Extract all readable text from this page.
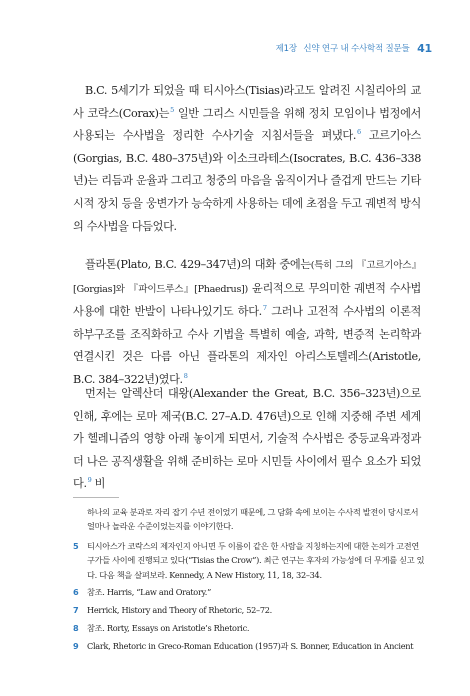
제1장 신약 연구 내 수사학적 질문들 41

B.C. 5세기가 되었을 때 티시아스(Tisias)라고도 알려진 시칠리아의 교사 코락스(Corax)는$^5$ 일반 그리스 시민들을 위해 정치 모임이나 법정에서 사용되는 수사법을 정리한 수사기술 지침서들을 펴냈다.$^6$ 고르기아스(Gorgias, B.C. 480–375년)와 이소크라테스(Isocrates, B.C. 436–338년)는 리듬과 운율과 그리고 청중의 마음을 움직이거나 즐겁게 만드는 기타 시적 장치 등을 웅변가가 능숙하게 사용하는 데에 초점을 두고 궤변적 방식의 수사법을 다듬었다.

플라톤(Plato, B.C. 429–347년)의 대화 중에는(특히 그의 『고르기아스』[Gorgias]와 『파이드루스』[Phaedrus]) 윤리적으로 무의미한 궤변적 수사법 사용에 대한 반발이 나타나있기도 하다.$^7$ 그러나 고전적 수사법의 이론적 하부구조를 조직화하고 수사 기법을 특별히 예술, 과학, 변증적 논리학과 연결시킨 것은 다름 아닌 플라톤의 제자인 아리스토텔레스(Aristotle, B.C. 384–322년)였다.$^8$

먼저는 알렉산더 대왕(Alexander the Great, B.C. 356–323년)으로 인해, 후에는 로마 제국(B.C. 27–A.D. 476년)으로 인해 지중해 주변 세계가 헬레니즘의 영향 아래 놓이게 되면서, 기술적 수사법은 중등교육과정과 더 나은 공직생활을 위해 준비하는 로마 시민들 사이에서 필수 요소가 되었다.$^9$ 비

하나의 교육 분과로 자리 잡기 수년 전이었기 때문에, 그 담화 속에 보이는 수사적 발전이 당시로서 얼마나 놀라운 수준이었는지를 이야기한다.

5	티시아스가 코락스의 제자인지 아니면 두 이름이 같은 한 사람을 지칭하는지에 대한 논의가 고전연구가들 사이에 진행되고 있다(“Tisias the Crow”). 최근 연구는 후자의 가능성에 더 무게를 싣고 있다. 다음 책을 살펴보라. Kennedy, A New History, 11, 18, 32–34.

6	참조. Harris, “Law and Oratory.”

7	Herrick, History and Theory of Rhetoric, 52–72.

8	참조. Rorty, Essays on Aristotle’s Rhetoric.

9	Clark, Rhetoric in Greco-Roman Education (1957)과 S. Bonner, Education in Ancient
